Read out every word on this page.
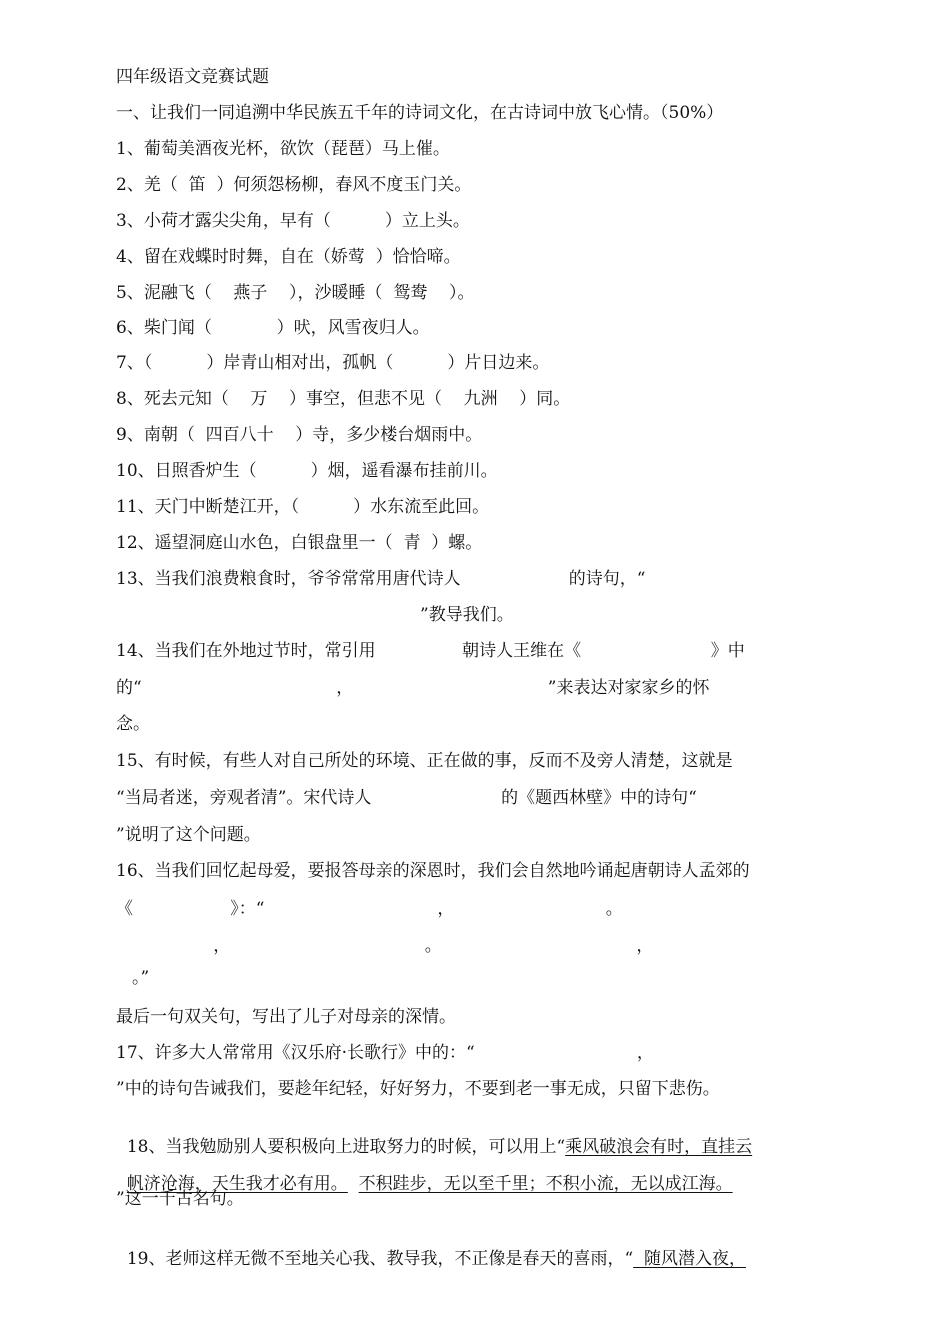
四年级语文竞赛试题
一、让我们一同追溯中华民族五千年的诗词文化，在古诗词中放飞心情。（50%）
1、葡萄美酒夜光杯，欲饮（琵琶）马上催。
2、羌（  笛  ）何须怨杨柳，春风不度玉门关。
3、小荷才露尖尖角，早有（          ）立上头。
4、留在戏蝶时时舞，自在（娇莺  ）恰恰啼。
5、泥融飞（    燕子    ），沙暖睡（  鸳鸯    ）。
6、柴门闻（            ）吠，风雪夜归人。
7、（          ）岸青山相对出，孤帆（          ）片日边来。
8、死去元知（    万    ）事空，但悲不见（    九洲    ）同。
9、南朝（  四百八十    ）寺，多少楼台烟雨中。
10、日照香炉生（          ）烟，遥看瀑布挂前川。
11、天门中断楚江开，（          ）水东流至此回。
12、遥望洞庭山水色，白银盘里一（  青  ）螺。
13、当我们浪费粮食时，爷爷常常用唐代诗人                    的诗句，“
”教导我们。
14、当我们在外地过节时，常引用                朝诗人王维在《                        》中
的“                                    ，                                    ”来表达对家家乡的怀
念。
15、有时候，有些人对自己所处的环境、正在做的事，反而不及旁人清楚，这就是
“当局者迷，旁观者清”。宋代诗人                        的《题西林壁》中的诗句“
”说明了这个问题。
16、当我们回忆起母爱，要报答母亲的深恩时，我们会自然地吟诵起唐朝诗人孟郊的
《                  》：“                                ，                            。
，                                    。                                    ，
。”
最后一句双关句，写出了儿子对母亲的深情。
17、许多大人常常用《汉乐府·长歌行》中的：“                              ，
”中的诗句告诫我们，要趁年纪轻，好好努力，不要到老一事无成，只留下悲伤。

18、当我勉励别人要积极向上进取努力的时候，可以用上“乘风破浪会有时，直挂云

帆济沧海，天生我才必有用。 不积跬步，无以至千里；不积小流，无以成江海。

”这一千古名句。

19、老师这样无微不至地关心我、教导我，不正像是春天的喜雨，“  随风潜入夜，
